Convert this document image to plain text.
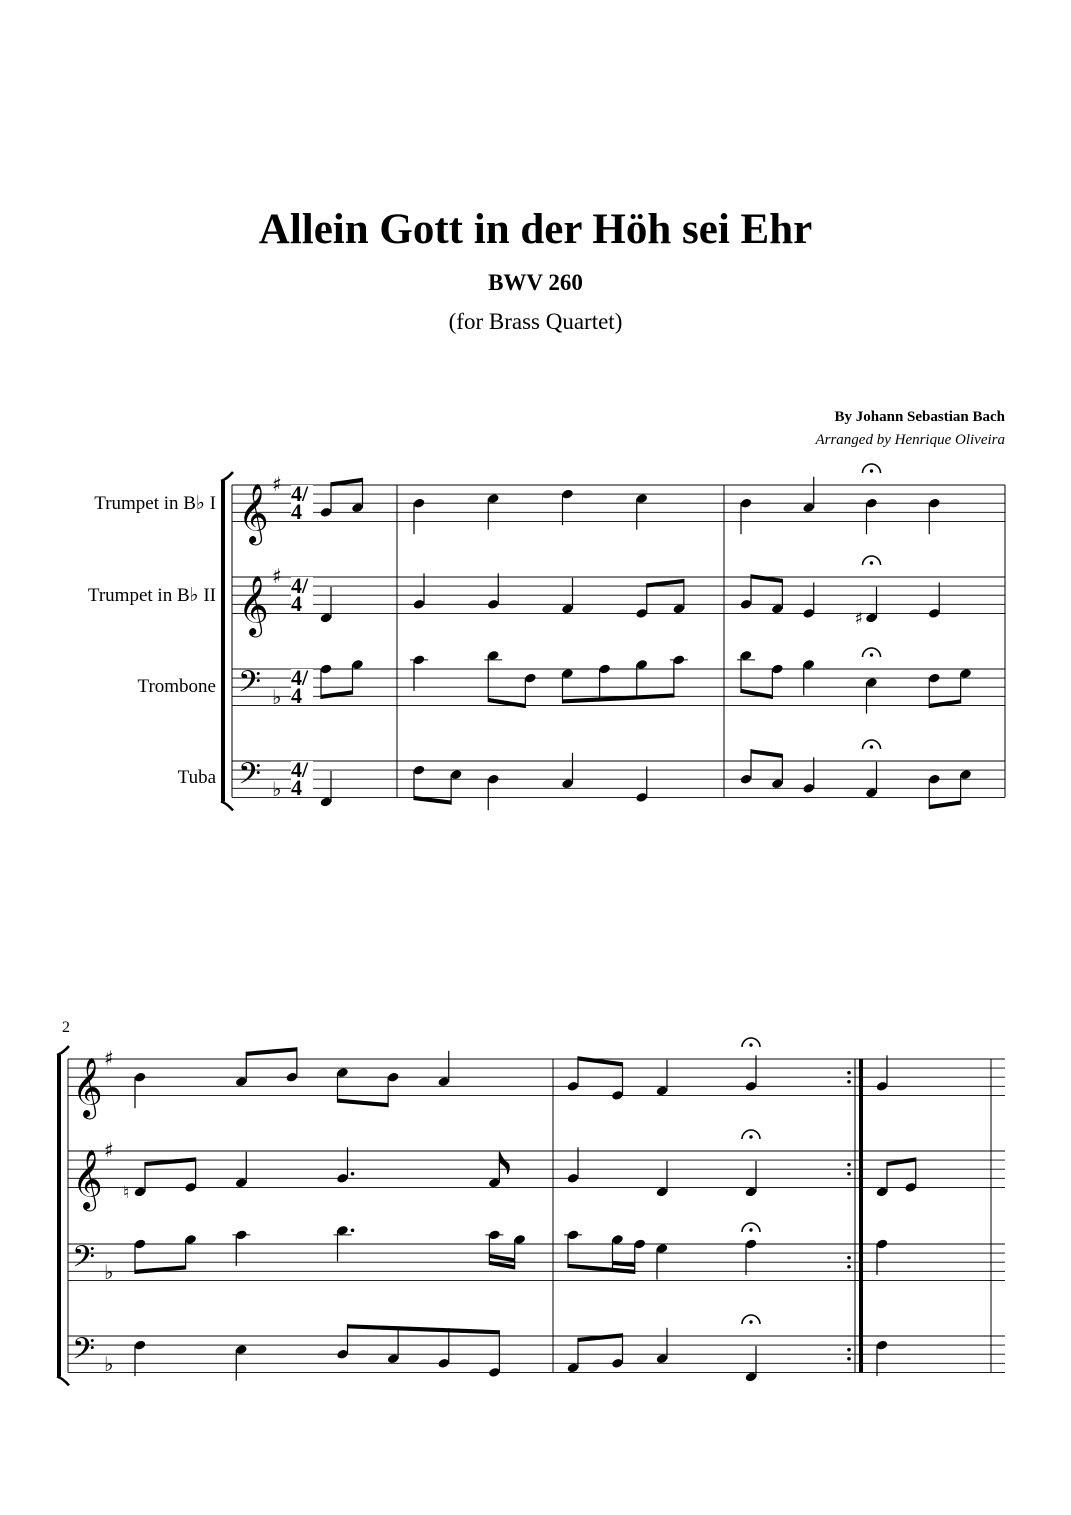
Allein Gott in der Höh sei Ehr
BWV 260
(for Brass Quartet)
By Johann Sebastian Bach
Arranged by Henrique Oliveira
Trumpet in B♭ I
Trumpet in B♭ II
Trombone
Tuba
2
𝄞 ♯
𝄞 ♯
𝄢 ♭
𝄢 ♭
♯
𝄞 ♯
𝄞 ♯
𝄢 ♭
𝄢 ♭
♮
4/4
4/4
4/4
4/4
